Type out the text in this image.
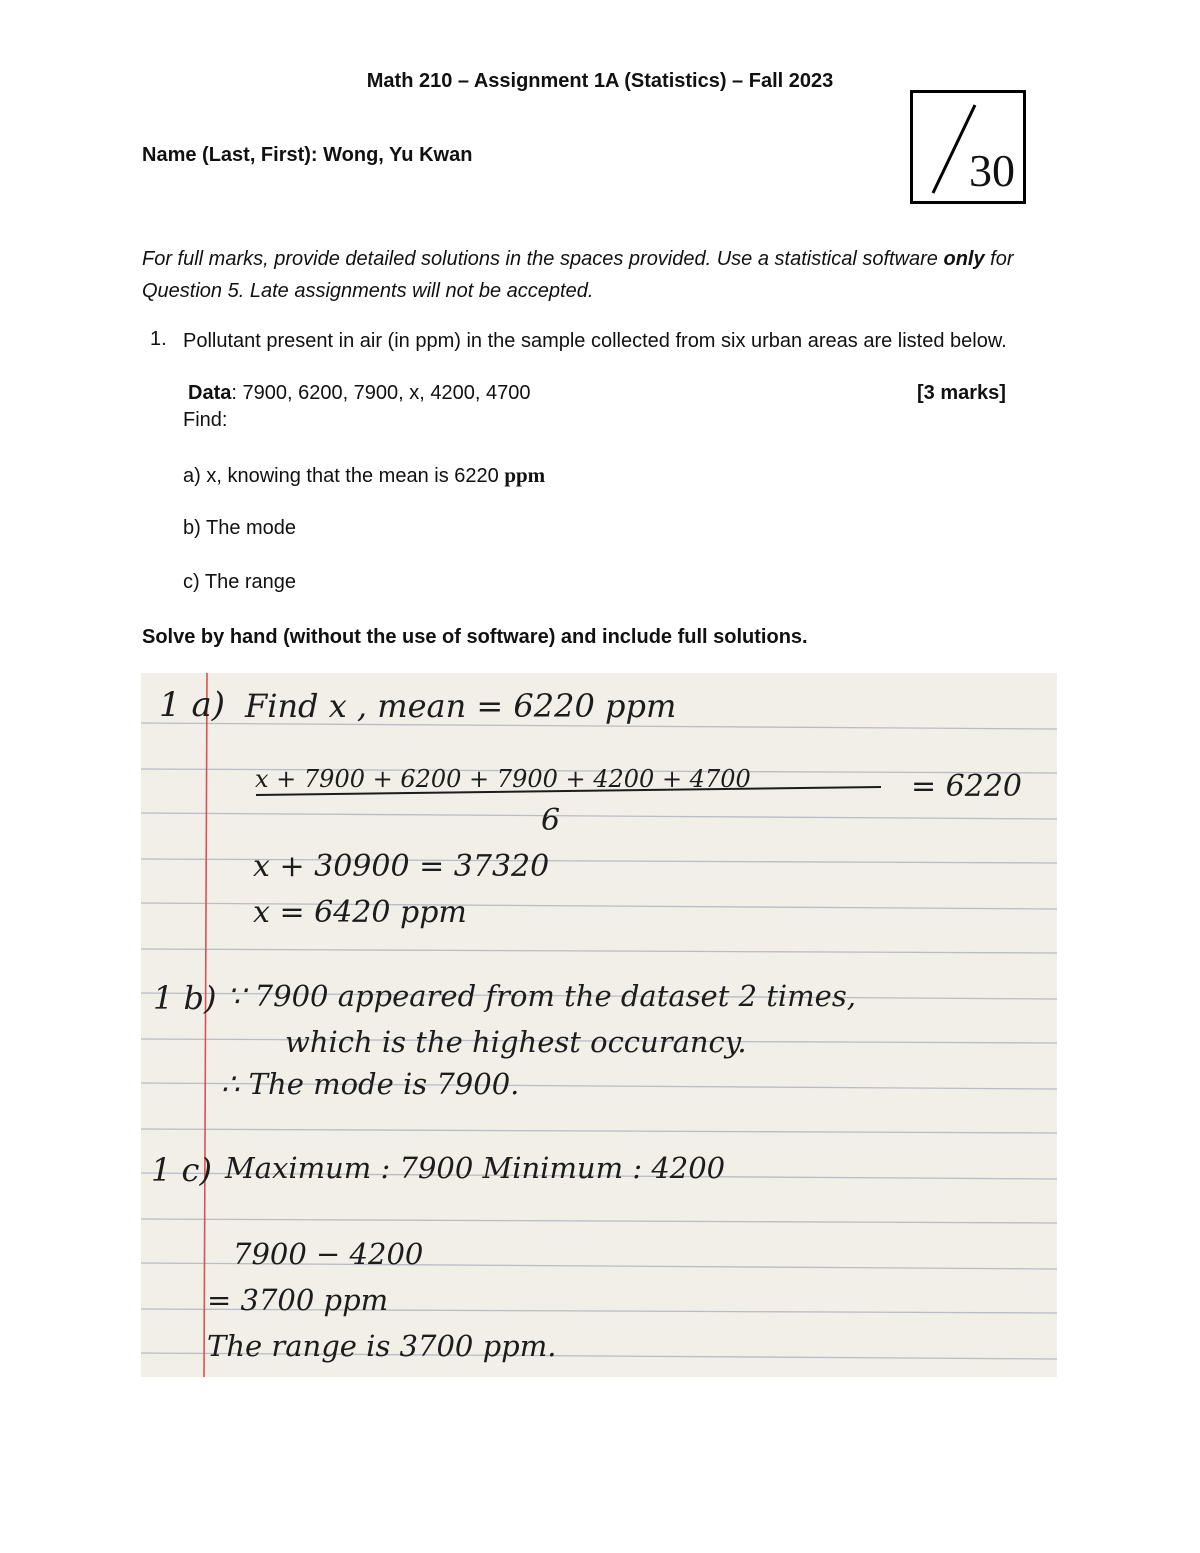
Math 210 – Assignment 1A (Statistics) – Fall 2023
Name (Last, First): Wong, Yu Kwan	30
For full marks, provide detailed solutions in the spaces provided. Use a statistical software only for Question 5. Late assignments will not be accepted.
1. Pollutant present in air (in ppm) in the sample collected from six urban areas are listed below.
Data: 7900, 6200, 7900, x, 4200, 4700	[3 marks]
Find:
a) x, knowing that the mean is 6220 ppm
b) The mode
c) The range
Solve by hand (without the use of software) and include full solutions.
1 a) Find x , mean = 6220 ppm
x + 7900 + 6200 + 7900 + 4200 + 4700
6
= 6220
x + 30900 = 37320
x = 6420 ppm
1 b) ∵ 7900 appeared from the dataset 2 times,
which is the highest occurancy.
∴ The mode is 7900.
1 c) Maximum : 7900 Minimum : 4200
7900 − 4200
= 3700 ppm
The range is 3700 ppm.
